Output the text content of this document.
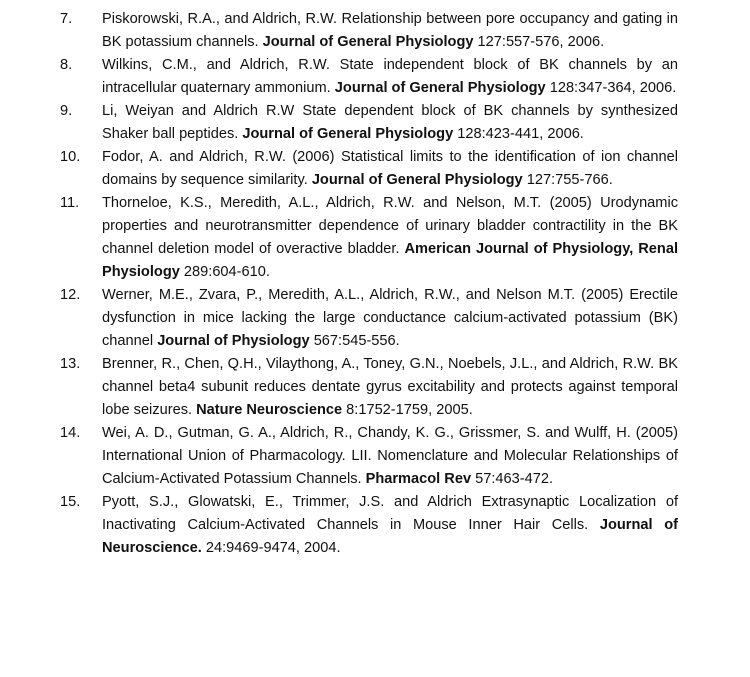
7.	Piskorowski, R.A., and Aldrich, R.W. Relationship between pore occupancy and gating in BK potassium channels. Journal of General Physiology 127:557-576, 2006.
8.	Wilkins, C.M., and Aldrich, R.W. State independent block of BK channels by an intracellular quaternary ammonium. Journal of General Physiology 128:347-364, 2006.
9.	Li, Weiyan and Aldrich R.W State dependent block of BK channels by synthesized Shaker ball peptides. Journal of General Physiology 128:423-441, 2006.
10.	Fodor, A. and Aldrich, R.W. (2006) Statistical limits to the identification of ion channel domains by sequence similarity. Journal of General Physiology 127:755-766.
11.	Thorneloe, K.S., Meredith, A.L., Aldrich, R.W. and Nelson, M.T. (2005) Urodynamic properties and neurotransmitter dependence of urinary bladder contractility in the BK channel deletion model of overactive bladder. American Journal of Physiology, Renal Physiology 289:604-610.
12.	Werner, M.E., Zvara, P., Meredith, A.L., Aldrich, R.W., and Nelson M.T. (2005) Erectile dysfunction in mice lacking the large conductance calcium-activated potassium (BK) channel Journal of Physiology 567:545-556.
13.	Brenner, R., Chen, Q.H., Vilaythong, A., Toney, G.N., Noebels, J.L., and Aldrich, R.W. BK channel beta4 subunit reduces dentate gyrus excitability and protects against temporal lobe seizures. Nature Neuroscience 8:1752-1759, 2005.
14.	Wei, A. D., Gutman, G. A., Aldrich, R., Chandy, K. G., Grissmer, S. and Wulff, H. (2005) International Union of Pharmacology. LII. Nomenclature and Molecular Relationships of Calcium-Activated Potassium Channels. Pharmacol Rev 57:463-472.
15.	Pyott, S.J., Glowatski, E., Trimmer, J.S. and Aldrich Extrasynaptic Localization of Inactivating Calcium-Activated Channels in Mouse Inner Hair Cells. Journal of Neuroscience. 24:9469-9474, 2004.
